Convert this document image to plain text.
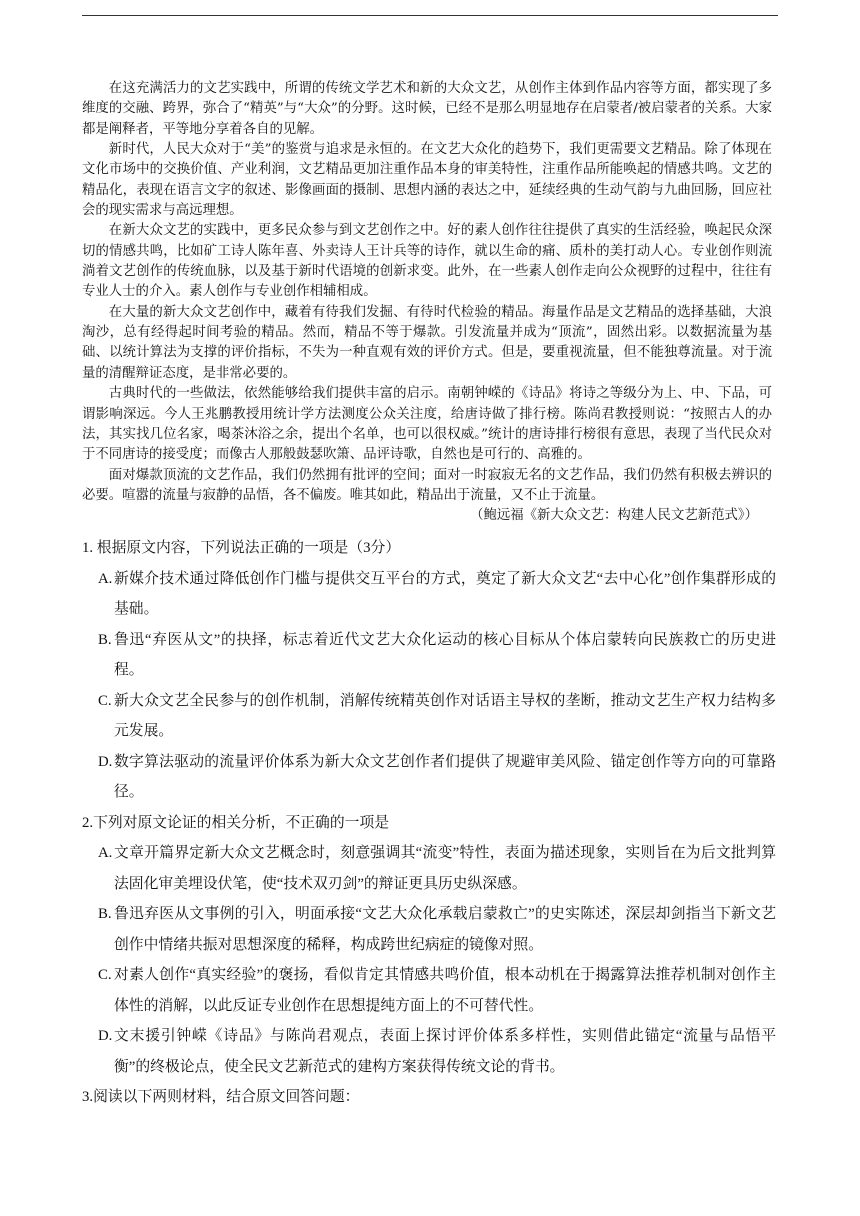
在这充满活力的文艺实践中，所谓的传统文学艺术和新的大众文艺，从创作主体到作品内容等方面，都实现了多维度的交融、跨界，弥合了“精英”与“大众”的分野。这时候，已经不是那么明显地存在启蒙者/被启蒙者的关系。大家都是阐释者，平等地分享着各自的见解。

新时代，人民大众对于“美”的鉴赏与追求是永恒的。在文艺大众化的趋势下，我们更需要文艺精品。除了体现在文化市场中的交换价值、产业利润，文艺精品更加注重作品本身的审美特性，注重作品所能唤起的情感共鸣。文艺的精品化，表现在语言文字的叙述、影像画面的摄制、思想内涵的表达之中，延续经典的生动气韵与九曲回肠，回应社会的现实需求与高远理想。

在新大众文艺的实践中，更多民众参与到文艺创作之中。好的素人创作往往提供了真实的生活经验，唤起民众深切的情感共鸣，比如矿工诗人陈年喜、外卖诗人王计兵等的诗作，就以生命的痛、质朴的美打动人心。专业创作则流淌着文艺创作的传统血脉，以及基于新时代语境的创新求变。此外，在一些素人创作走向公众视野的过程中，往往有专业人士的介入。素人创作与专业创作相辅相成。

在大量的新大众文艺创作中，藏着有待我们发掘、有待时代检验的精品。海量作品是文艺精品的选择基础，大浪淘沙，总有经得起时间考验的精品。然而，精品不等于爆款。引发流量并成为“顶流”，固然出彩。以数据流量为基础、以统计算法为支撑的评价指标，不失为一种直观有效的评价方式。但是，要重视流量，但不能独尊流量。对于流量的清醒辩证态度，是非常必要的。

古典时代的一些做法，依然能够给我们提供丰富的启示。南朝钟嵘的《诗品》将诗之等级分为上、中、下品，可谓影响深远。今人王兆鹏教授用统计学方法测度公众关注度，给唐诗做了排行榜。陈尚君教授则说：“按照古人的办法，其实找几位名家，喝茶沐浴之余，提出个名单，也可以很权威。”统计的唐诗排行榜很有意思，表现了当代民众对于不同唐诗的接受度；而像古人那般鼓瑟吹箫、品评诗歌，自然也是可行的、高雅的。

面对爆款顶流的文艺作品，我们仍然拥有批评的空间；面对一时寂寂无名的文艺作品，我们仍然有积极去辨识的必要。喧嚣的流量与寂静的品悟，各不偏废。唯其如此，精品出于流量，又不止于流量。

（鲍远福《新大众文艺：构建人民文艺新范式》）

1. 根据原文内容，下列说法正确的一项是（3分）

A. 新媒介技术通过降低创作门槛与提供交互平台的方式，奠定了新大众文艺“去中心化”创作集群形成的基础。
B. 鲁迅“弃医从文”的抉择，标志着近代文艺大众化运动的核心目标从个体启蒙转向民族救亡的历史进程。
C. 新大众文艺全民参与的创作机制，消解传统精英创作对话语主导权的垄断，推动文艺生产权力结构多元发展。
D. 数字算法驱动的流量评价体系为新大众文艺创作者们提供了规避审美风险、锚定创作等方向的可靠路径。

2.下列对原文论证的相关分析，不正确的一项是

A. 文章开篇界定新大众文艺概念时，刻意强调其“流变”特性，表面为描述现象，实则旨在为后文批判算法固化审美埋设伏笔，使“技术双刃剑”的辩证更具历史纵深感。
B. 鲁迅弃医从文事例的引入，明面承接“文艺大众化承载启蒙救亡”的史实陈述，深层却剑指当下新文艺创作中情绪共振对思想深度的稀释，构成跨世纪病症的镜像对照。
C. 对素人创作“真实经验”的褒扬，看似肯定其情感共鸣价值，根本动机在于揭露算法推荐机制对创作主体性的消解，以此反证专业创作在思想提纯方面上的不可替代性。
D. 文末援引钟嵘《诗品》与陈尚君观点，表面上探讨评价体系多样性，实则借此锚定“流量与品悟平衡”的终极论点，使全民文艺新范式的建构方案获得传统文论的背书。

3.阅读以下两则材料，结合原文回答问题：
